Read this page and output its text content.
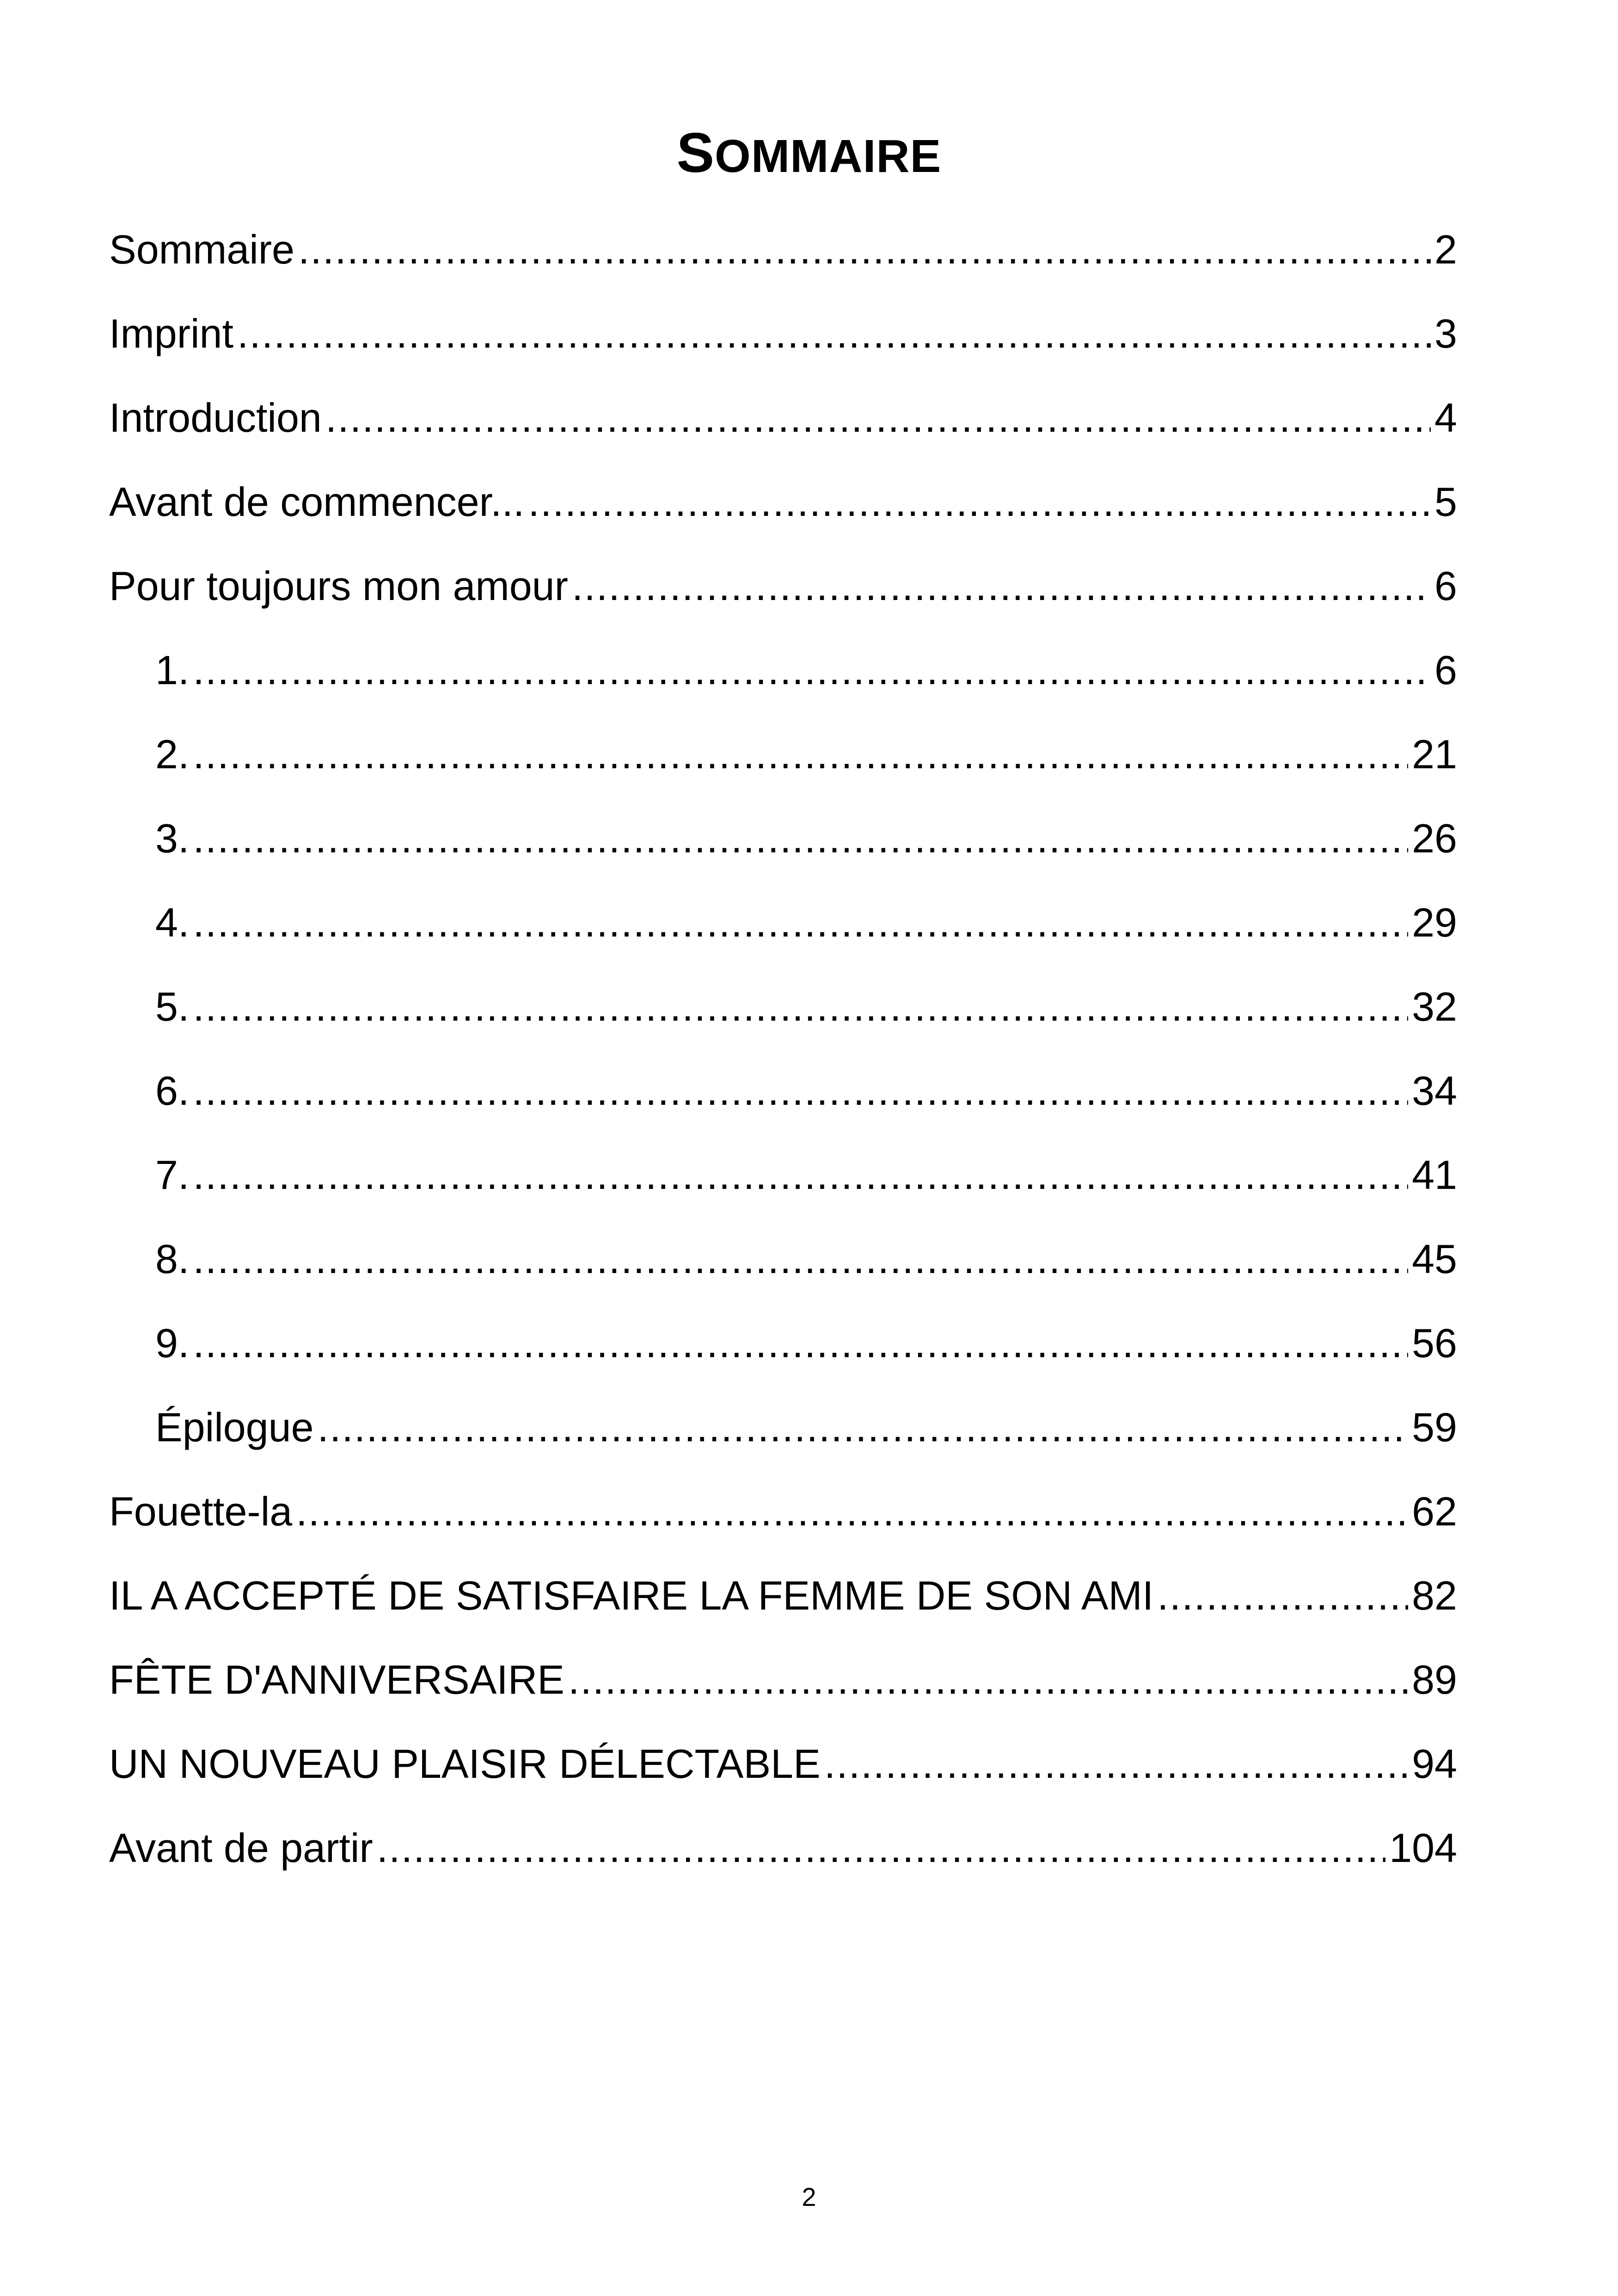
SOMMAIRE
Sommaire .....	2
Imprint .....	3
Introduction .....	4
Avant de commencer... .....	5
Pour toujours mon amour .....	6
1. .....	6
2. .....	21
3. .....	26
4. .....	29
5. .....	32
6. .....	34
7. .....	41
8. .....	45
9. .....	56
Épilogue .....	59
Fouette-la .....	62
IL A ACCEPTÉ DE SATISFAIRE LA FEMME DE SON AMI .....	82
FÊTE D'ANNIVERSAIRE .....	89
UN NOUVEAU PLAISIR DÉLECTABLE .....	94
Avant de partir .....	104
2
